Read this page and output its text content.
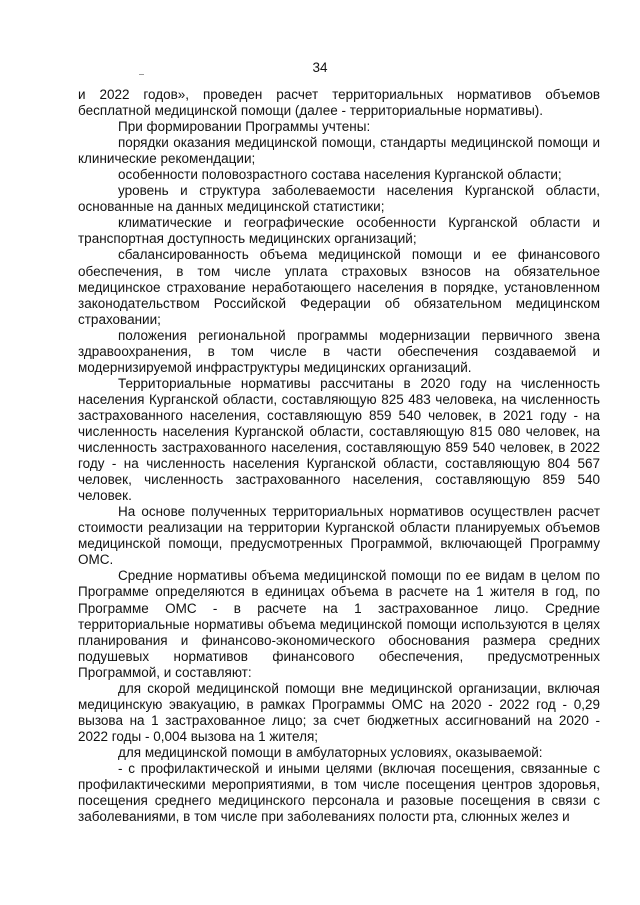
34

и 2022 годов», проведен расчет территориальных нормативов объемов бесплатной медицинской помощи (далее - территориальные нормативы).

При формировании Программы учтены:

порядки оказания медицинской помощи, стандарты медицинской помощи и клинические рекомендации;

особенности половозрастного состава населения Курганской области;

уровень и структура заболеваемости населения Курганской области, основанные на данных медицинской статистики;

климатические и географические особенности Курганской области и транспортная доступность медицинских организаций;

сбалансированность объема медицинской помощи и ее финансового обеспечения, в том числе уплата страховых взносов на обязательное медицинское страхование неработающего населения в порядке, установленном законодательством Российской Федерации об обязательном медицинском страховании;

положения региональной программы модернизации первичного звена здравоохранения, в том числе в части обеспечения создаваемой и модернизируемой инфраструктуры медицинских организаций.

Территориальные нормативы рассчитаны в 2020 году на численность населения Курганской области, составляющую 825 483 человека, на численность застрахованного населения, составляющую 859 540 человек, в 2021 году - на численность населения Курганской области, составляющую 815 080 человек, на численность застрахованного населения, составляющую 859 540 человек, в 2022 году - на численность населения Курганской области, составляющую 804 567 человек, численность застрахованного населения, составляющую 859 540 человек.

На основе полученных территориальных нормативов осуществлен расчет стоимости реализации на территории Курганской области планируемых объемов медицинской помощи, предусмотренных Программой, включающей Программу ОМС.

Средние нормативы объема медицинской помощи по ее видам в целом по Программе определяются в единицах объема в расчете на 1 жителя в год, по Программе ОМС - в расчете на 1 застрахованное лицо. Средние территориальные нормативы объема медицинской помощи используются в целях планирования и финансово-экономического обоснования размера средних подушевых нормативов финансового обеспечения, предусмотренных Программой, и составляют:

для скорой медицинской помощи вне медицинской организации, включая медицинскую эвакуацию, в рамках Программы ОМС на 2020 - 2022 год - 0,29 вызова на 1 застрахованное лицо; за счет бюджетных ассигнований на 2020 - 2022 годы - 0,004 вызова на 1 жителя;

для медицинской помощи в амбулаторных условиях, оказываемой:

- с профилактической и иными целями (включая посещения, связанные с профилактическими мероприятиями, в том числе посещения центров здоровья, посещения среднего медицинского персонала и разовые посещения в связи с заболеваниями, в том числе при заболеваниях полости рта, слюнных желез и
